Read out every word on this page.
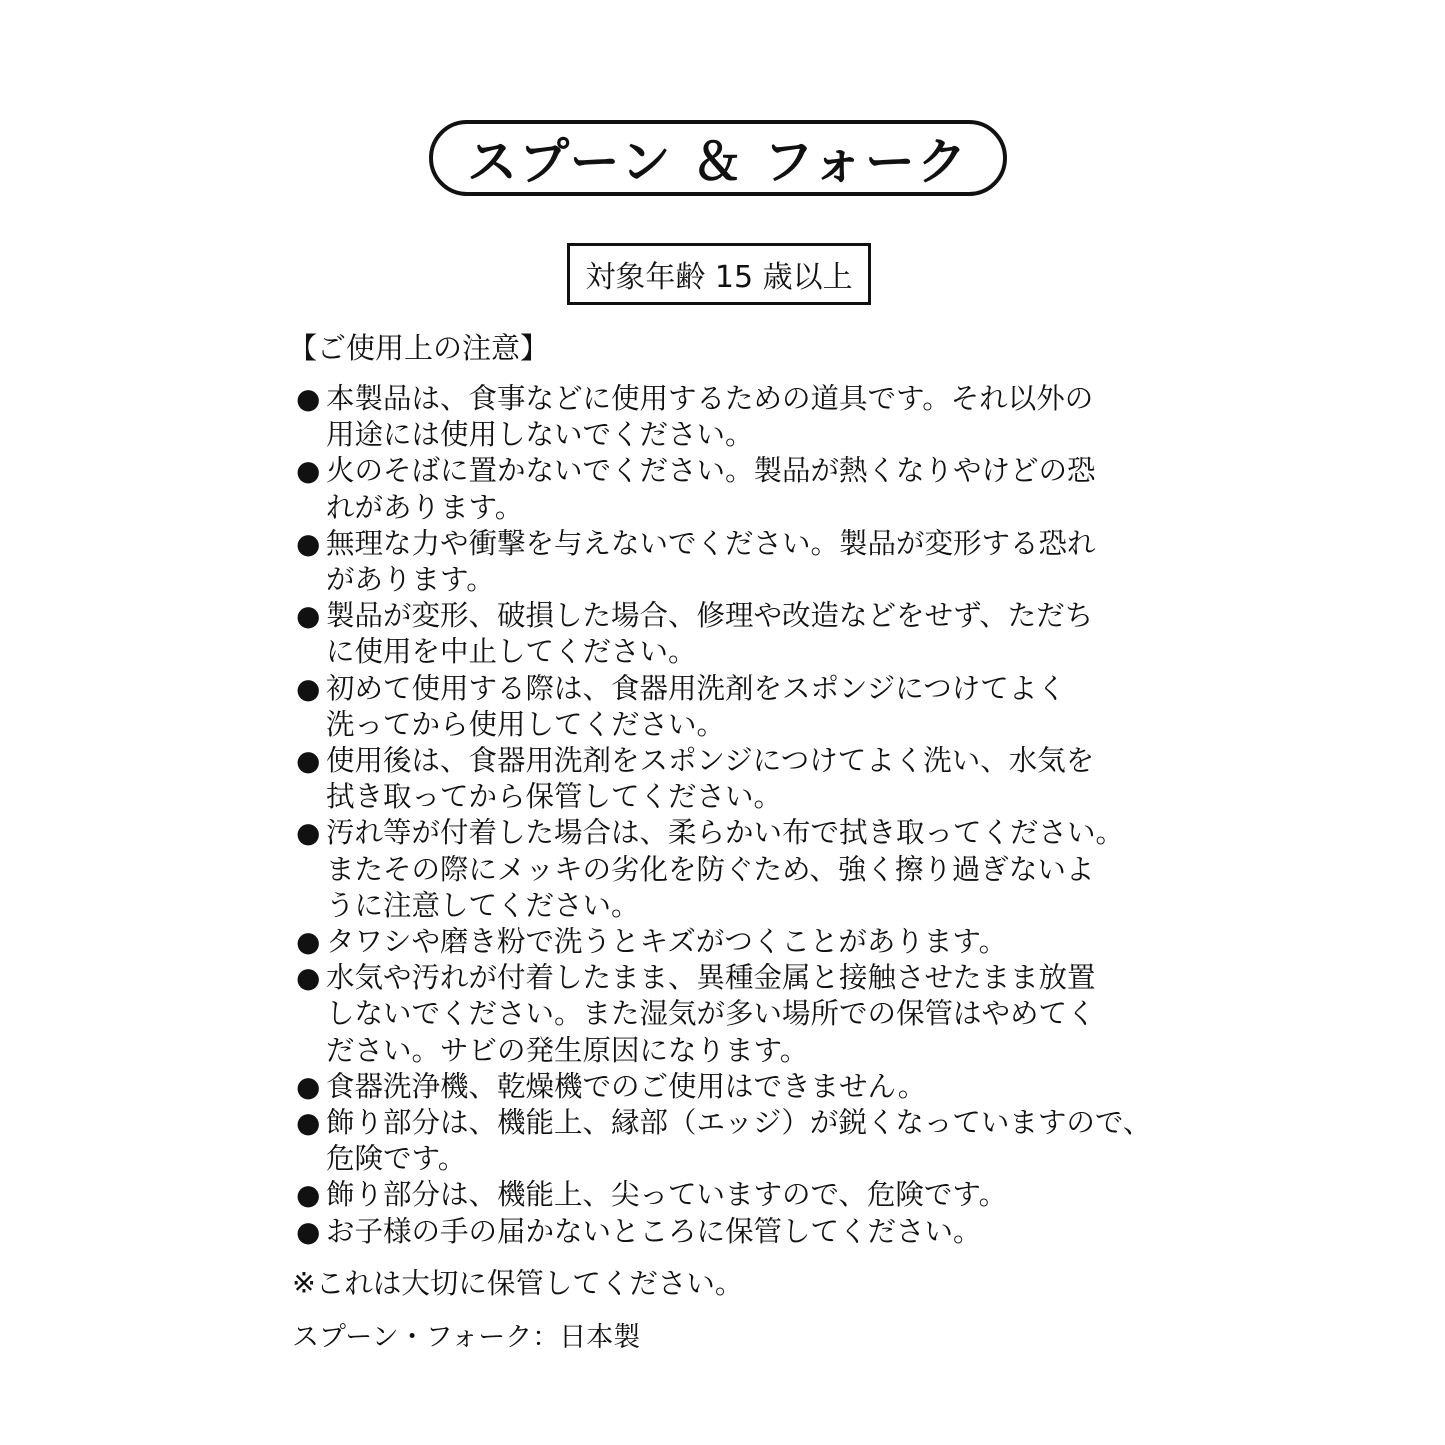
スプーン ＆ フォーク
対象年齢 15 歳以上
【ご使用上の注意】
● 本製品は、食事などに使用するための道具です。それ以外の
用途には使用しないでください。
● 火のそばに置かないでください。製品が熱くなりやけどの恐
れがあります。
● 無理な力や衝撃を与えないでください。製品が変形する恐れ
があります。
● 製品が変形、破損した場合、修理や改造などをせず、ただち
に使用を中止してください。
● 初めて使用する際は、食器用洗剤をスポンジにつけてよく
洗ってから使用してください。
● 使用後は、食器用洗剤をスポンジにつけてよく洗い、水気を
拭き取ってから保管してください。
● 汚れ等が付着した場合は、柔らかい布で拭き取ってください。
またその際にメッキの劣化を防ぐため、強く擦り過ぎないよ
うに注意してください。
● タワシや磨き粉で洗うとキズがつくことがあります。
● 水気や汚れが付着したまま、異種金属と接触させたまま放置
しないでください。また湿気が多い場所での保管はやめてく
ださい。サビの発生原因になります。
● 食器洗浄機、乾燥機でのご使用はできません。
● 飾り部分は、機能上、縁部（エッジ）が鋭くなっていますので、
危険です。
● 飾り部分は、機能上、尖っていますので、危険です。
● お子様の手の届かないところに保管してください。
※これは大切に保管してください。
スプーン・フォーク：日本製
